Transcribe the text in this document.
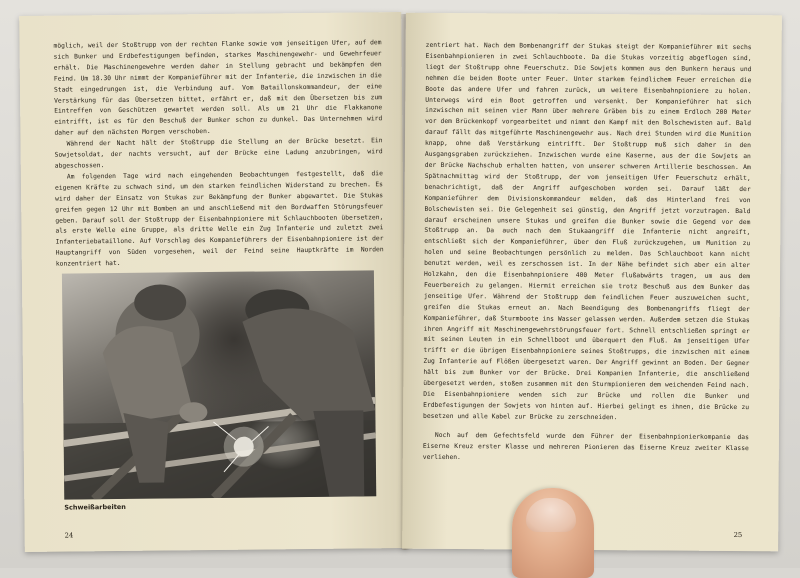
möglich, weil der Stoßtrupp von der rechten Flanke sowie vom jenseitigen Ufer, auf dem sich Bunker und Erdbefestigungen befinden, starkes Maschinengewehr- und Gewehrfeuer erhält. Die Maschinengewehre werden daher in Stellung gebracht und bekämpfen den Feind. Um 18.30 Uhr nimmt der Kompanieführer mit der Infanterie, die inzwischen in die Stadt eingedrungen ist, die Verbindung auf. Vom Bataillonskommandeur, der eine Verstärkung für das Übersetzen bittet, erfährt er, daß mit dem Übersetzen bis zum Eintreffen von Geschützen gewartet werden soll. Als um 21 Uhr die Flakkanone eintrifft, ist es für den Beschuß der Bunker schon zu dunkel. Das Unternehmen wird daher auf den nächsten Morgen verschoben.

Während der Nacht hält der Stoßtrupp die Stellung an der Brücke besetzt. Ein Sowjetsoldat, der nachts versucht, auf der Brücke eine Ladung anzubringen, wird abgeschossen.

Am folgenden Tage wird nach eingehenden Beobachtungen festgestellt, daß die eigenen Kräfte zu schwach sind, um den starken feindlichen Widerstand zu brechen. Es wird daher der Einsatz von Stukas zur Bekämpfung der Bunker abgewartet. Die Stukas greifen gegen 12 Uhr mit Bomben an und anschließend mit den Bordwaffen Störungsfeuer geben. Darauf soll der Stoßtrupp der Eisenbahnpioniere mit Schlauchbooten übersetzen, als erste Welle eine Gruppe, als dritte Welle ein Zug Infanterie und zuletzt zwei Infanteriebataillone. Auf Vorschlag des Kompanieführers der Eisenbahnpioniere ist der Hauptangriff von Süden vorgesehen, weil der Feind seine Hauptkräfte im Norden konzentriert hat.

Schweißarbeiten
24

zentriert hat. Nach dem Bombenangriff der Stukas steigt der Kompanieführer mit sechs Eisenbahnpionieren in zwei Schlauchboote. Da die Stukas vorzeitig abgeflogen sind, liegt der Stoßtrupp ohne Feuerschutz. Die Sowjets kommen aus den Bunkern heraus und nehmen die beiden Boote unter Feuer. Unter starkem feindlichem Feuer erreichen die Boote das andere Ufer und fahren zurück, um weitere Eisenbahnpioniere zu holen. Unterwegs wird ein Boot getroffen und versenkt. Der Kompanieführer hat sich inzwischen mit seinen vier Mann über mehrere Gräben bis zu einem Erdloch 200 Meter vor dem Brückenkopf vorgearbeitet und nimmt den Kampf mit den Bolschewisten auf. Bald darauf fällt das mitgeführte Maschinengewehr aus. Nach drei Stunden wird die Munition knapp, ohne daß Verstärkung eintrifft. Der Stoßtrupp muß sich daher in den Ausgangsgraben zurückziehen. Inzwischen wurde eine Kaserne, aus der die Sowjets an der Brücke Nachschub erhalten hatten, von unserer schweren Artillerie beschossen. Am Spätnachmittag wird der Stoßtrupp, der vom jenseitigen Ufer Feuerschutz erhält, benachrichtigt, daß der Angriff aufgeschoben worden sei. Darauf läßt der Kompanieführer dem Divisionskommandeur melden, daß das Hinterland frei von Bolschewisten sei. Die Gelegenheit sei günstig, den Angriff jetzt vorzutragen. Bald darauf erscheinen unsere Stukas und greifen die Bunker sowie die Gegend vor dem Stoßtrupp an. Da auch nach dem Stukaangriff die Infanterie nicht angreift, entschließt sich der Kompanieführer, über den Fluß zurückzugehen, um Munition zu holen und seine Beobachtungen persönlich zu melden. Das Schlauchboot kann nicht benutzt werden, weil es zerschossen ist. In der Nähe befindet sich aber ein alter Holzkahn, den die Eisenbahnpioniere 400 Meter flußabwärts tragen, um aus dem Feuerbereich zu gelangen. Hiermit erreichen sie trotz Beschuß aus dem Bunker das jenseitige Ufer. Während der Stoßtrupp dem feindlichen Feuer auszuweichen sucht, greifen die Stukas erneut an. Nach Beendigung des Bombenangriffs fliegt der Kompanieführer, daß Sturmboote ins Wasser gelassen werden. Außerdem setzen die Stukas ihren Angriff mit Maschinengewehrstörungsfeuer fort. Schnell entschließen springt er mit seinen Leuten in ein Schnellboot und überquert den Fluß. Am jenseitigen Ufer trifft er die übrigen Eisenbahnpioniere seines Stoßtrupps, die inzwischen mit einem Zug Infanterie auf Flößen übergesetzt waren. Der Angriff gewinnt an Boden. Der Gegner hält bis zum Bunker vor der Brücke. Drei Kompanien Infanterie, die anschließend übergesetzt werden, stoßen zusammen mit den Sturmpionieren dem weichenden Feind nach. Die Eisenbahnpioniere wenden sich zur Brücke und rollen die Bunker und Erdbefestigungen der Sowjets von hinten auf. Hierbei gelingt es ihnen, die Brücke zu besetzen und alle Kabel zur Brücke zu zerschneiden.

Noch auf dem Gefechtsfeld wurde dem Führer der Eisenbahnpionierkompanie das Eiserne Kreuz erster Klasse und mehreren Pionieren das Eiserne Kreuz zweiter Klasse verliehen.

25
